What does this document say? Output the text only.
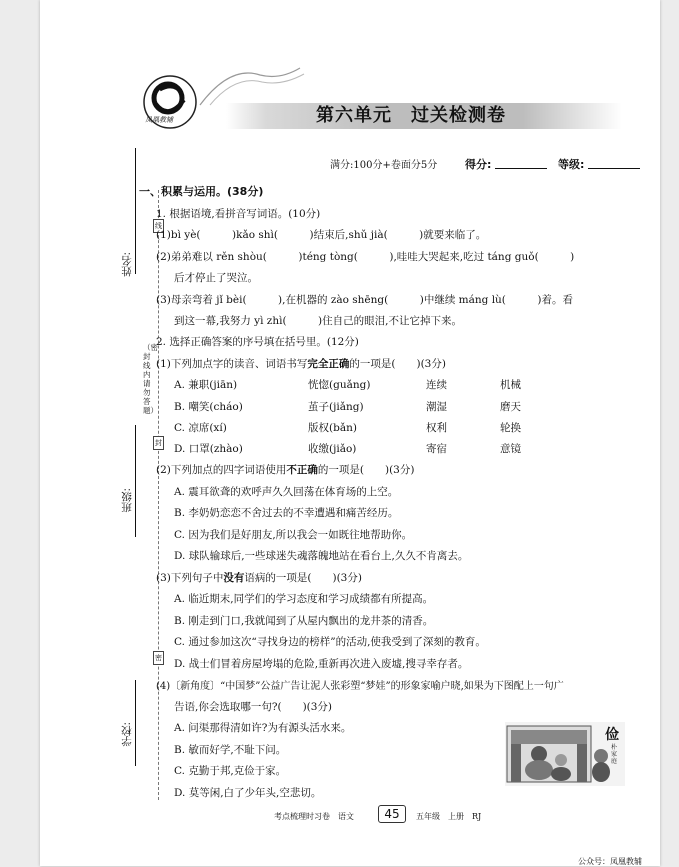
凤凰教辅	第六单元　过关检测卷
满分:100分+卷面分5分	得分:	等级:
姓名:
班级:
学校:
线
封
密
（密封线内请勿答题）
一、积累与运用。(38分)
1. 根据语境,看拼音写词语。(10分)
(1)bì yè(　　　)kǎo shì(　　　)结束后,shǔ jià(　　　)就要来临了。
(2)弟弟难以 rěn shòu(　　　)téng tòng(　　　),哇哇大哭起来,吃过 táng guǒ(　　　)
后才停止了哭泣。
(3)母亲弯着 jǐ bèi(　　　),在机器的 zào shēng(　　　)中继续 máng lù(　　　)着。看
到这一幕,我努力 yì zhì(　　　)住自己的眼泪,不让它掉下来。
2. 选择正确答案的序号填在括号里。(12分)
(1)下列加点字的读音、词语书写完全正确的一项是(　　)(3分)
A. 兼职(jiān)	恍惚(guǎng)	连续	机械
B. 嘲笑(cháo)	茧子(jiǎng)	潮湿	磨天
C. 凉席(xí)	版权(bǎn)	权利	轮换
D. 口罩(zhào)	收缴(jiǎo)	寄宿	意镜
(2)下列加点的四字词语使用不正确的一项是(　　)(3分)
A. 震耳欲聋的欢呼声久久回荡在体育场的上空。
B. 李奶奶恋恋不舍过去的不幸遭遇和痛苦经历。
C. 因为我们是好朋友,所以我会一如既往地帮助你。
D. 球队输球后,一些球迷失魂落魄地站在看台上,久久不肯离去。
(3)下列句子中没有语病的一项是(　　)(3分)
A. 临近期末,同学们的学习态度和学习成绩都有所提高。
B. 刚走到门口,我就闻到了从屋内飘出的龙井茶的清香。
C. 通过参加这次“寻找身边的榜样”的活动,使我受到了深刻的教育。
D. 战士们冒着房屋垮塌的危险,重新再次进入废墟,搜寻幸存者。
(4)〔新角度〕“中国梦”公益广告让泥人张彩塑“梦娃”的形象家喻户晓,如果为下图配上一句广
告语,你会选取哪一句?(　　)(3分)
A. 问渠那得清如许?为有源头活水来。
B. 敏而好学,不耻下问。
C. 克勤于邦,克俭于家。
D. 莫等闲,白了少年头,空悲切。
俭
朴
家
庭
考点梳理时习卷　语文	45	五年级　上册　RJ
公众号：凤凰教辅
